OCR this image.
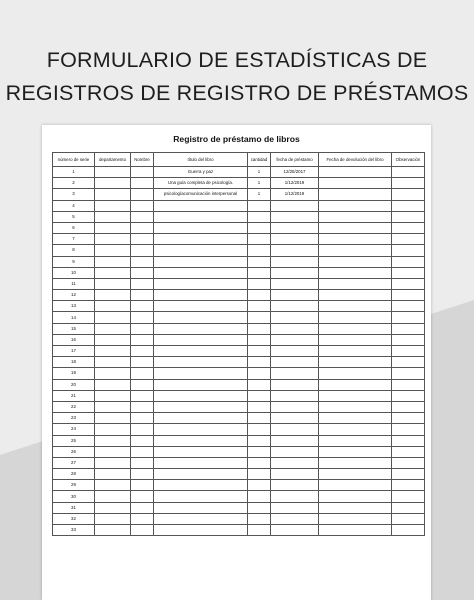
FORMULARIO DE ESTADÍSTICAS DE
REGISTROS DE REGISTRO DE PRÉSTAMOS
Registro de préstamo de libros
número de serie	departamento	Nombre	título del libro	cantidad	fecha de préstamo	Fecha de devolución del libro	Observación
1			Guerra y paz	1	12/25/2017		
2			Una guía completa de psicología.	1	1/12/2019		
3			psicologíacomunicación interpersonal	1	1/12/2019		
4							
5							
6							
7							
8							
9							
10							
11							
12							
13							
14							
15							
16							
17							
18							
19							
20							
21							
22							
23							
24							
25							
26							
27							
28							
29							
30							
31							
32							
33							
